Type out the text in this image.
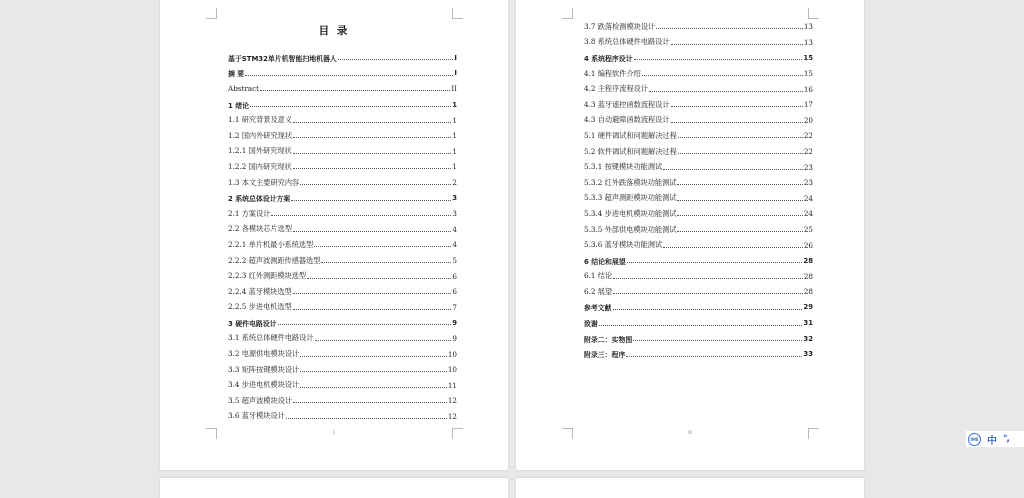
目 录
基于STM32单片机智能扫地机器人	I
摘 要	I
Abstract	II
1 绪论	1
1.1 研究背景及意义	1
1.2 国内外研究现状	1
1.2.1 国外研究现状	1
1.2.2 国内研究现状	1
1.3 本文主要研究内容	2
2 系统总体设计方案	3
2.1 方案设计	3
2.2 各模块芯片选型	4
2.2.1 单片机最小系统选型	4
2.2.2 超声波测距传感器选型	5
2.2.3 红外测距模块选型	6
2.2.4 蓝牙模块选型	6
2.2.5 步进电机选型	7
3 硬件电路设计	9
3.1 系统总体硬件电路设计	9
3.2 电源供电模块设计	10
3.3 矩阵按键模块设计	10
3.4 步进电机模块设计	11
3.5 超声波模块设计	12
3.6 蓝牙模块设计	12
I
3.7 跌落检测模块设计	13
3.8 系统总体硬件电路设计	13
4 系统程序设计	15
4.1 编程软件介绍	15
4.2 主程序流程设计	16
4.3 蓝牙遥控函数流程设计	17
4.3 自动避障函数流程设计	20
5.1 硬件调试和问题解决过程	22
5.2 软件调试和问题解决过程	22
5.3.1 按键模块功能测试	23
5.3.2 红外跌落模块功能测试	23
5.3.3 超声测距模块功能测试	24
5.3.4 步进电机模块功能测试	24
5.3.5 外部供电模块功能测试	25
5.3.6 蓝牙模块功能测试	26
6 结论和展望	28
6.1 结论	28
6.2 展望	28
参考文献	29
致谢	31
附录二：实物图	32
附录三：程序	33
II
IME 中 °,
